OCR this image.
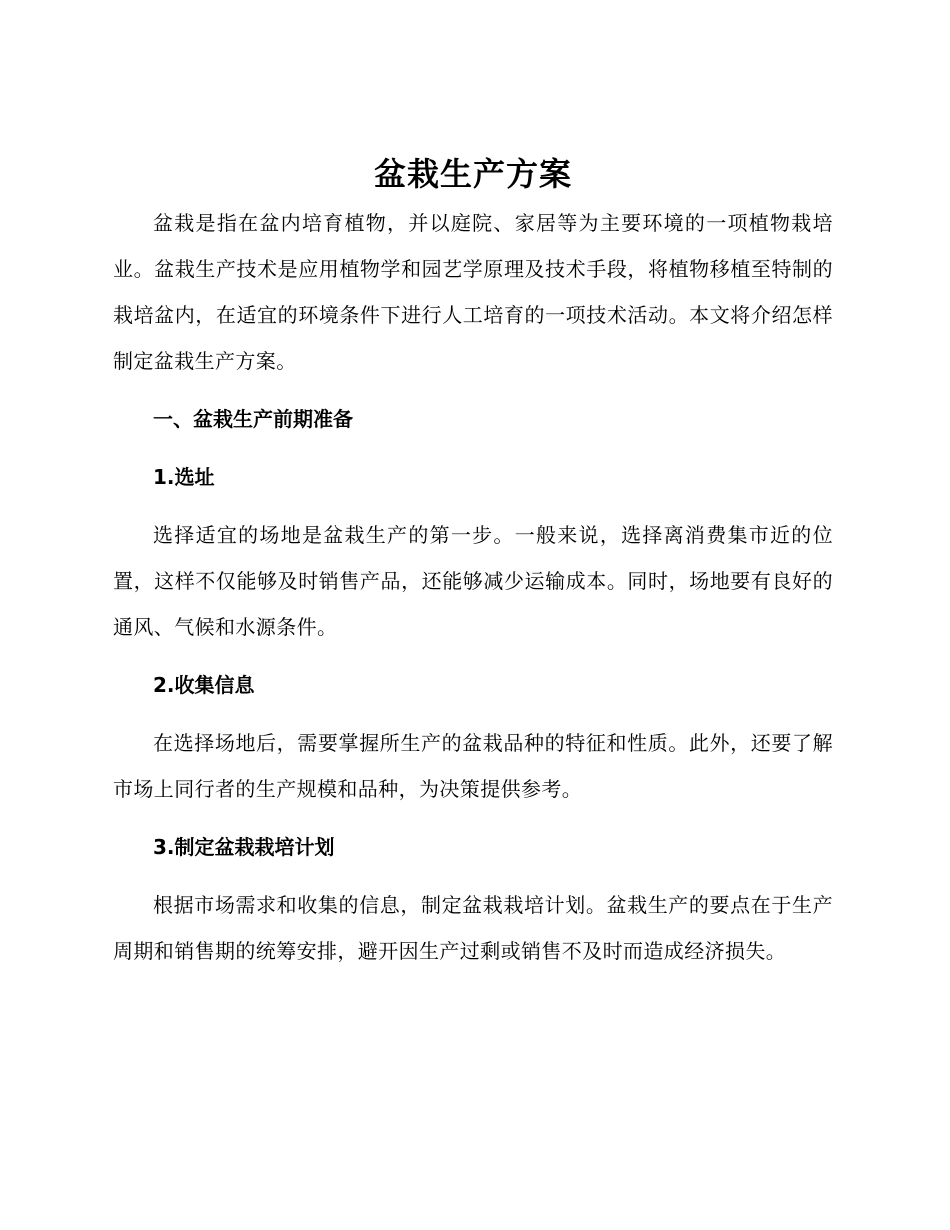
盆栽生产方案

盆栽是指在盆内培育植物，并以庭院、家居等为主要环境的一项植物栽培业。盆栽生产技术是应用植物学和园艺学原理及技术手段，将植物移植至特制的栽培盆内，在适宜的环境条件下进行人工培育的一项技术活动。本文将介绍怎样制定盆栽生产方案。

一、盆栽生产前期准备

1.选址

选择适宜的场地是盆栽生产的第一步。一般来说，选择离消费集市近的位置，这样不仅能够及时销售产品，还能够减少运输成本。同时，场地要有良好的通风、气候和水源条件。

2.收集信息

在选择场地后，需要掌握所生产的盆栽品种的特征和性质。此外，还要了解市场上同行者的生产规模和品种，为决策提供参考。

3.制定盆栽栽培计划

根据市场需求和收集的信息，制定盆栽栽培计划。盆栽生产的要点在于生产周期和销售期的统筹安排，避开因生产过剩或销售不及时而造成经济损失。
